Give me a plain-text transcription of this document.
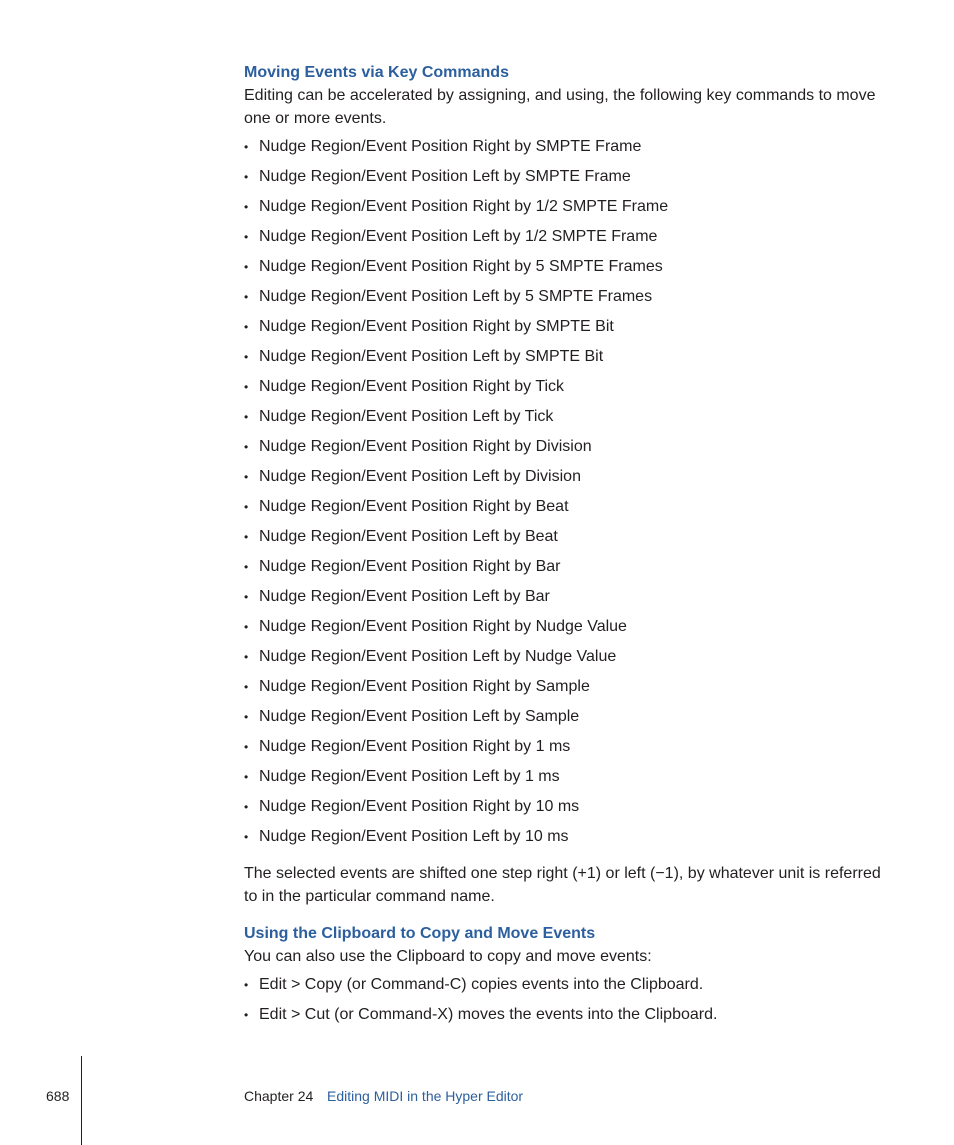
Moving Events via Key Commands

Editing can be accelerated by assigning, and using, the following key commands to move one or more events.

• Nudge Region/Event Position Right by SMPTE Frame
• Nudge Region/Event Position Left by SMPTE Frame
• Nudge Region/Event Position Right by 1/2 SMPTE Frame
• Nudge Region/Event Position Left by 1/2 SMPTE Frame
• Nudge Region/Event Position Right by 5 SMPTE Frames
• Nudge Region/Event Position Left by 5 SMPTE Frames
• Nudge Region/Event Position Right by SMPTE Bit
• Nudge Region/Event Position Left by SMPTE Bit
• Nudge Region/Event Position Right by Tick
• Nudge Region/Event Position Left by Tick
• Nudge Region/Event Position Right by Division
• Nudge Region/Event Position Left by Division
• Nudge Region/Event Position Right by Beat
• Nudge Region/Event Position Left by Beat
• Nudge Region/Event Position Right by Bar
• Nudge Region/Event Position Left by Bar
• Nudge Region/Event Position Right by Nudge Value
• Nudge Region/Event Position Left by Nudge Value
• Nudge Region/Event Position Right by Sample
• Nudge Region/Event Position Left by Sample
• Nudge Region/Event Position Right by 1 ms
• Nudge Region/Event Position Left by 1 ms
• Nudge Region/Event Position Right by 10 ms
• Nudge Region/Event Position Left by 10 ms

The selected events are shifted one step right (+1) or left (−1), by whatever unit is referred to in the particular command name.

Using the Clipboard to Copy and Move Events

You can also use the Clipboard to copy and move events:

• Edit > Copy (or Command-C) copies events into the Clipboard.
• Edit > Cut (or Command-X) moves the events into the Clipboard.
688	Chapter 24 Editing MIDI in the Hyper Editor
